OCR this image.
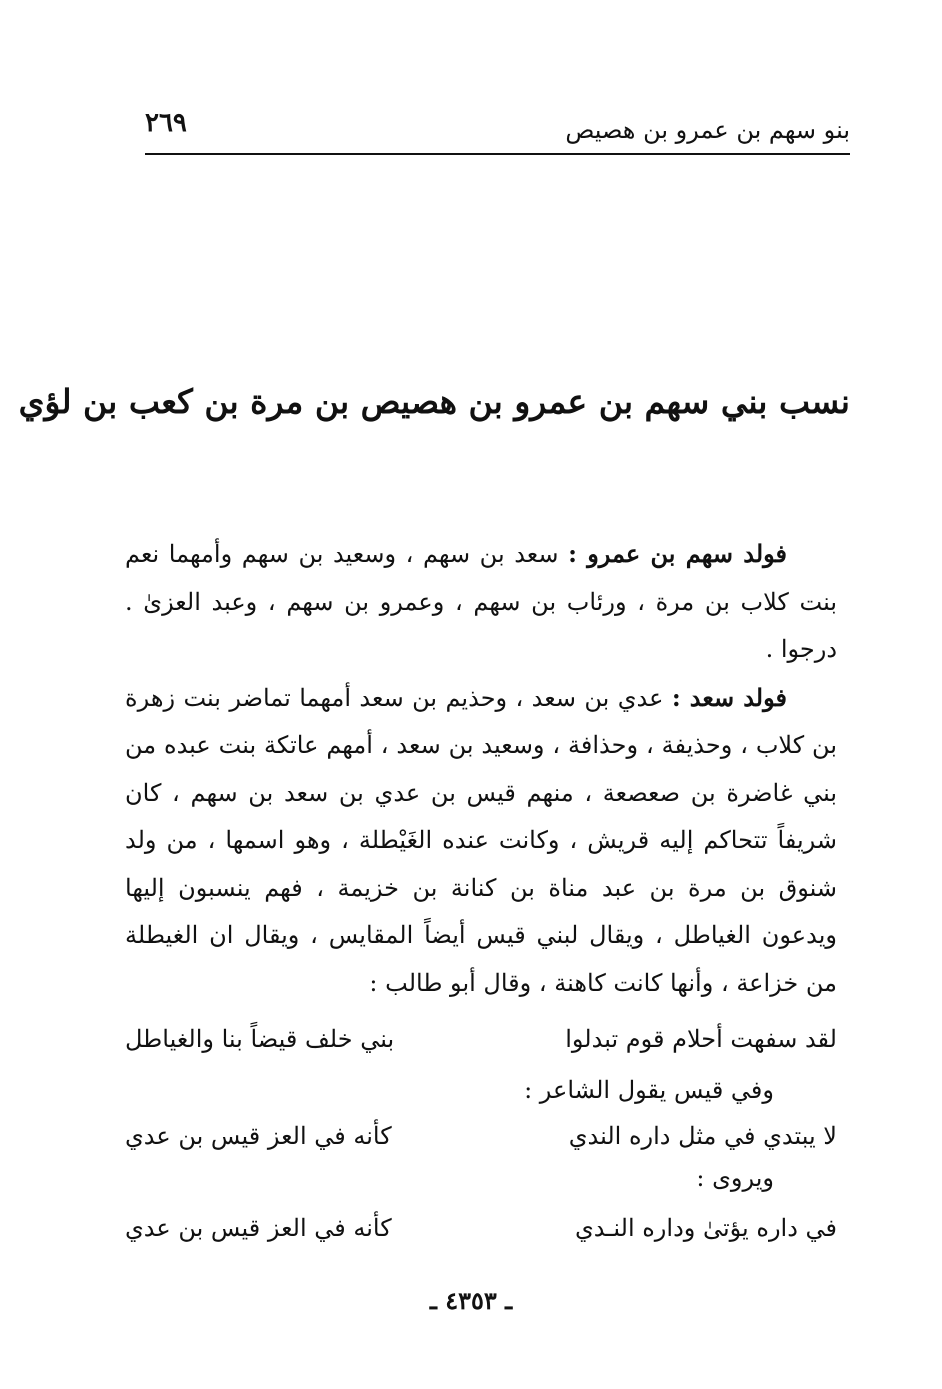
بنو سهم بن عمرو بن هصيص
٢٦٩
نسب بني سهم بن عمرو بن هصيص بن مرة بن كعب بن لؤي

فولد سهم بن عمرو : سعد بن سهم ، وسعيد بن سهم وأمهما نعم بنت كلاب بن مرة ، ورئاب بن سهم ، وعمرو بن سهم ، وعبد العزىٰ . درجوا .

فولد سعد : عدي بن سعد ، وحذيم بن سعد أمهما تماضر بنت زهرة بن كلاب ، وحذيفة ، وحذافة ، وسعيد بن سعد ، أمهم عاتكة بنت عبده من بني غاضرة بن صعصعة ، منهم قيس بن عدي بن سعد بن سهم ، كان شريفاً تتحاكم إليه قريش ، وكانت عنده الغَيْطلة ، وهو اسمها ، من ولد شنوق بن مرة بن عبد مناة بن كنانة بن خزيمة ، فهم ينسبون إليها ويدعون الغياطل ، ويقال لبني قيس أيضاً المقايس ، ويقال ان الغيطلة من خزاعة ، وأنها كانت كاهنة ، وقال أبو طالب :

لقد سفهت أحلام قوم تبدلوا
بني خلف قيضاً بنا والغياطل
وفي قيس يقول الشاعر :
لا يبتدي في مثل داره الندي
كأنه في العز قيس بن عدي
ويروى :
في داره يؤتىٰ وداره النـدي
كأنه في العز قيس بن عدي
ـ ٤٣٥٣ ـ
